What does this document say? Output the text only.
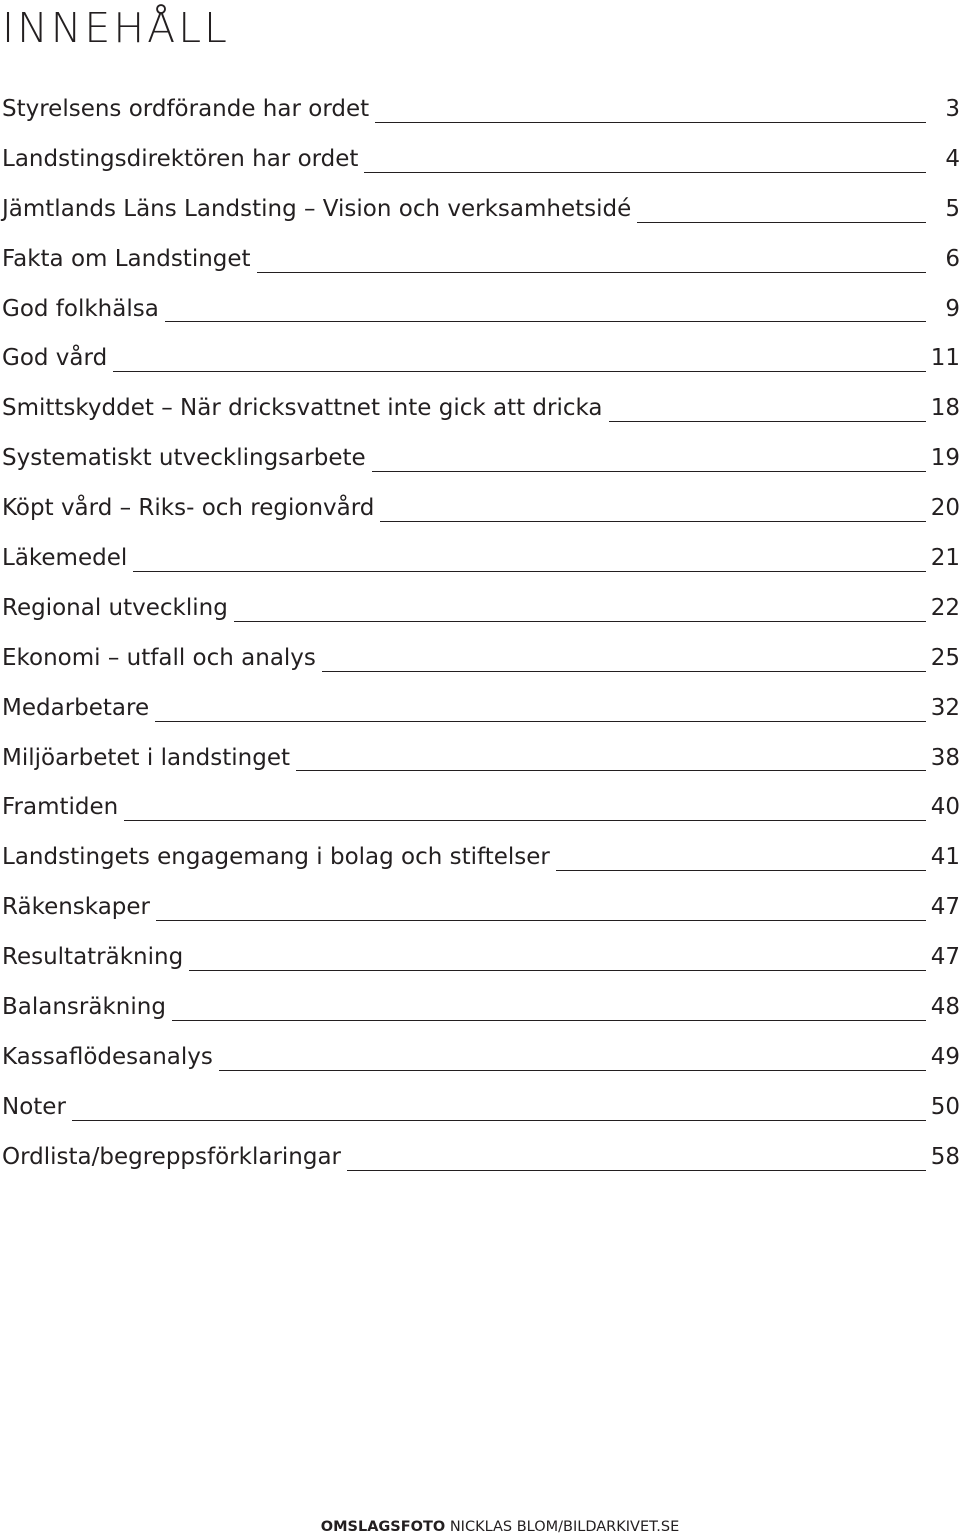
INNEHÅLL
Styrelsens ordförande har ordet	3
Landstingsdirektören har ordet	4
Jämtlands Läns Landsting – Vision och verksamhetsidé	5
Fakta om Landstinget	6
God folkhälsa	9
God vård	11
Smittskyddet – När dricksvattnet inte gick att dricka	18
Systematiskt utvecklingsarbete	19
Köpt vård – Riks- och regionvård	20
Läkemedel	21
Regional utveckling	22
Ekonomi – utfall och analys	25
Medarbetare	32
Miljöarbetet i landstinget	38
Framtiden	40
Landstingets engagemang i bolag och stiftelser	41
Räkenskaper	47
Resultaträkning	47
Balansräkning	48
Kassaflödesanalys	49
Noter	50
Ordlista/begreppsförklaringar	58
OMSLAGSFOTO NICKLAS BLOM/BILDARKIVET.SE
